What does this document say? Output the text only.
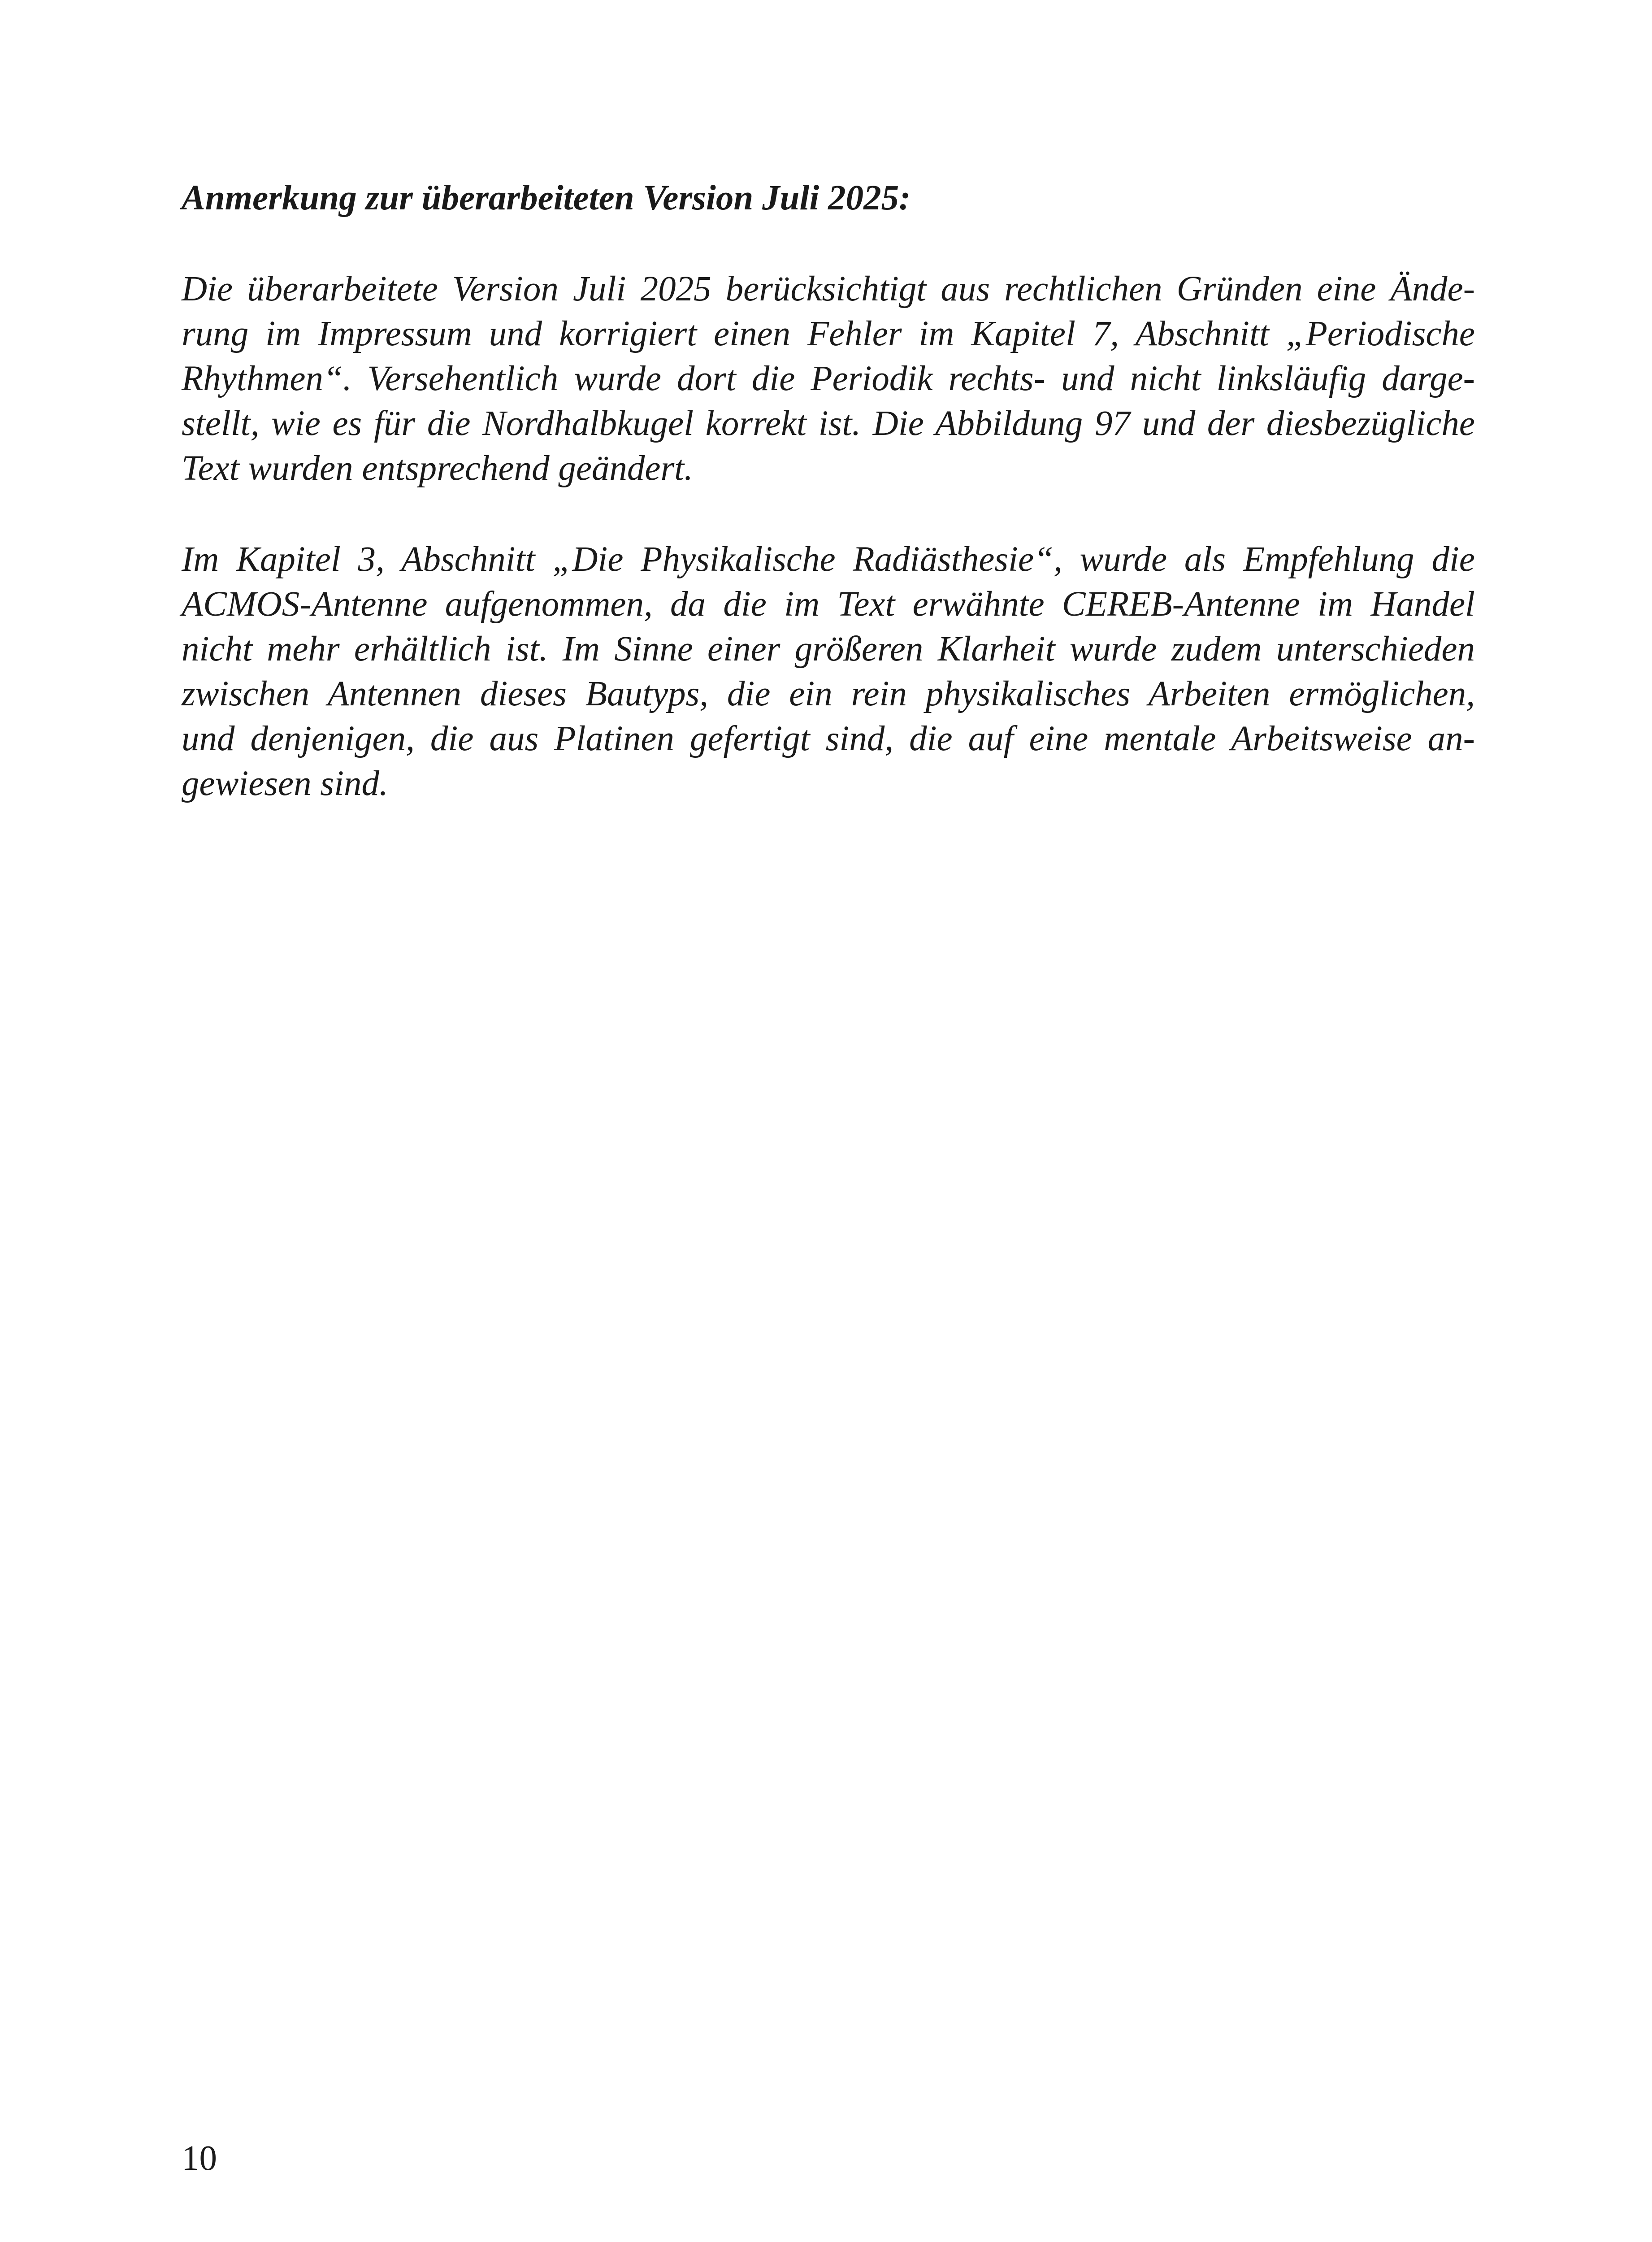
Anmerkung zur überarbeiteten Version Juli 2025:

Die überarbeitete Version Juli 2025 berücksichtigt aus rechtlichen Gründen eine Ände-
rung im Impressum und korrigiert einen Fehler im Kapitel 7, Abschnitt „Periodische
Rhythmen“. Versehentlich wurde dort die Periodik rechts- und nicht linksläufig darge-
stellt, wie es für die Nordhalbkugel korrekt ist. Die Abbildung 97 und der diesbezügliche
Text wurden entsprechend geändert.

Im Kapitel 3, Abschnitt „Die Physikalische Radiästhesie“, wurde als Empfehlung die
ACMOS-Antenne aufgenommen, da die im Text erwähnte CEREB-Antenne im Handel
nicht mehr erhältlich ist. Im Sinne einer größeren Klarheit wurde zudem unterschieden
zwischen Antennen dieses Bautyps, die ein rein physikalisches Arbeiten ermöglichen,
und denjenigen, die aus Platinen gefertigt sind, die auf eine mentale Arbeitsweise an-
gewiesen sind.

10
